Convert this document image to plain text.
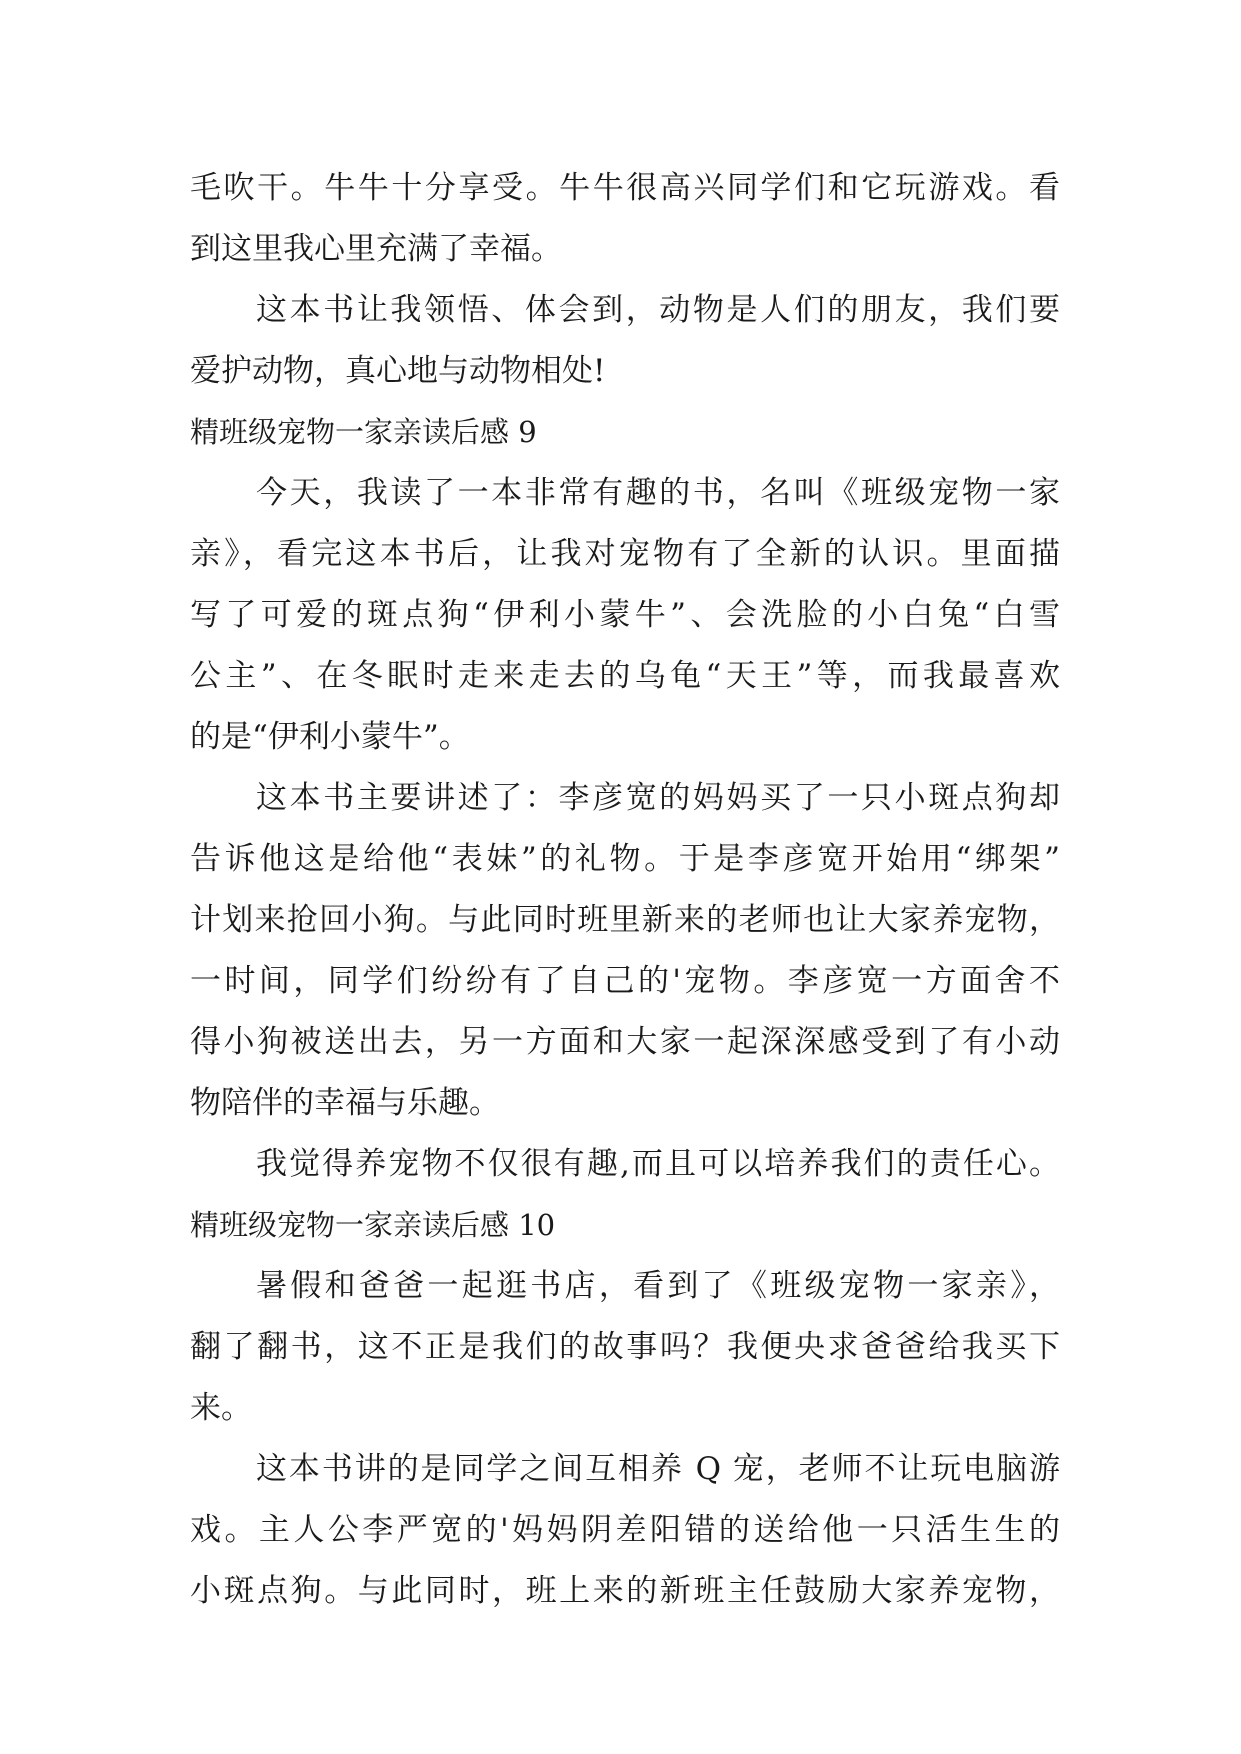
毛吹干。牛牛十分享受。牛牛很高兴同学们和它玩游戏。看
到这里我心里充满了幸福。
这本书让我领悟、体会到，动物是人们的朋友，我们要
爱护动物，真心地与动物相处!
精班级宠物一家亲读后感 9
今天，我读了一本非常有趣的书，名叫《班级宠物一家
亲》，看完这本书后，让我对宠物有了全新的认识。里面描
写了可爱的斑点狗“伊利小蒙牛”、会洗脸的小白兔“白雪
公主”、在冬眠时走来走去的乌龟“天王”等，而我最喜欢
的是“伊利小蒙牛”。
这本书主要讲述了：李彦宽的妈妈买了一只小斑点狗却
告诉他这是给他“表妹”的礼物。于是李彦宽开始用“绑架”
计划来抢回小狗。与此同时班里新来的老师也让大家养宠物，
一时间，同学们纷纷有了自己的'宠物。李彦宽一方面舍不
得小狗被送出去，另一方面和大家一起深深感受到了有小动
物陪伴的幸福与乐趣。
我觉得养宠物不仅很有趣,而且可以培养我们的责任心。
精班级宠物一家亲读后感 10
暑假和爸爸一起逛书店，看到了《班级宠物一家亲》，
翻了翻书，这不正是我们的故事吗？我便央求爸爸给我买下
来。
这本书讲的是同学之间互相养 Q 宠，老师不让玩电脑游
戏。主人公李严宽的'妈妈阴差阳错的送给他一只活生生的
小斑点狗。与此同时，班上来的新班主任鼓励大家养宠物，
